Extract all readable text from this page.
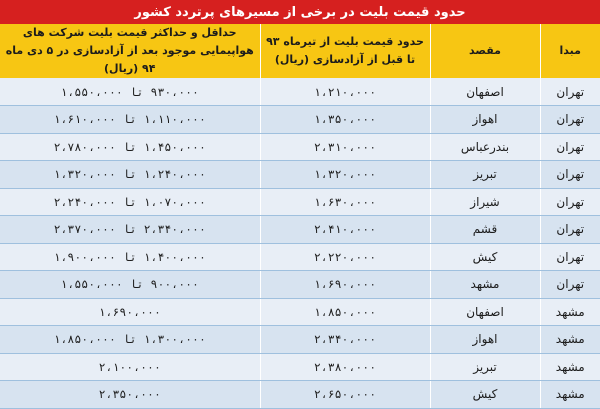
حدود قیمت بلیت در برخی از مسیرهای پرتردد کشور
مبدا	مقصد	حدود قیمت بلیت از تیرماه ۹۳ تا قبل از آزادسازی (ریال)	حداقل و حداکثر قیمت بلیت شرکت های هواپیمایی موجود بعد از آزادسازی در ۵ دی ماه ۹۴ (ریال)
تهران	اصفهان	۱،۲۱۰،۰۰۰	۹۳۰،۰۰۰ تا ۱،۵۵۰،۰۰۰
تهران	اهواز	۱،۳۵۰،۰۰۰	۱،۱۱۰،۰۰۰ تا ۱،۶۱۰،۰۰۰
تهران	بندرعباس	۲،۳۱۰،۰۰۰	۱،۴۵۰،۰۰۰ تا ۲،۷۸۰،۰۰۰
تهران	تبریز	۱،۳۲۰،۰۰۰	۱،۲۴۰،۰۰۰ تا ۱،۳۲۰،۰۰۰
تهران	شیراز	۱،۶۳۰،۰۰۰	۱،۰۷۰،۰۰۰ تا ۲،۲۴۰،۰۰۰
تهران	قشم	۲،۴۱۰،۰۰۰	۲،۳۴۰،۰۰۰ تا ۲،۳۷۰،۰۰۰
تهران	کیش	۲،۲۲۰،۰۰۰	۱،۴۰۰،۰۰۰ تا ۱،۹۰۰،۰۰۰
تهران	مشهد	۱،۶۹۰،۰۰۰	۹۰۰،۰۰۰ تا ۱،۵۵۰،۰۰۰
مشهد	اصفهان	۱،۸۵۰،۰۰۰	۱،۶۹۰،۰۰۰
مشهد	اهواز	۲،۳۴۰،۰۰۰	۱،۳۰۰،۰۰۰ تا ۱،۸۵۰،۰۰۰
مشهد	تبریز	۲،۳۸۰،۰۰۰	۲،۱۰۰،۰۰۰
مشهد	کیش	۲،۶۵۰،۰۰۰	۲،۳۵۰،۰۰۰
